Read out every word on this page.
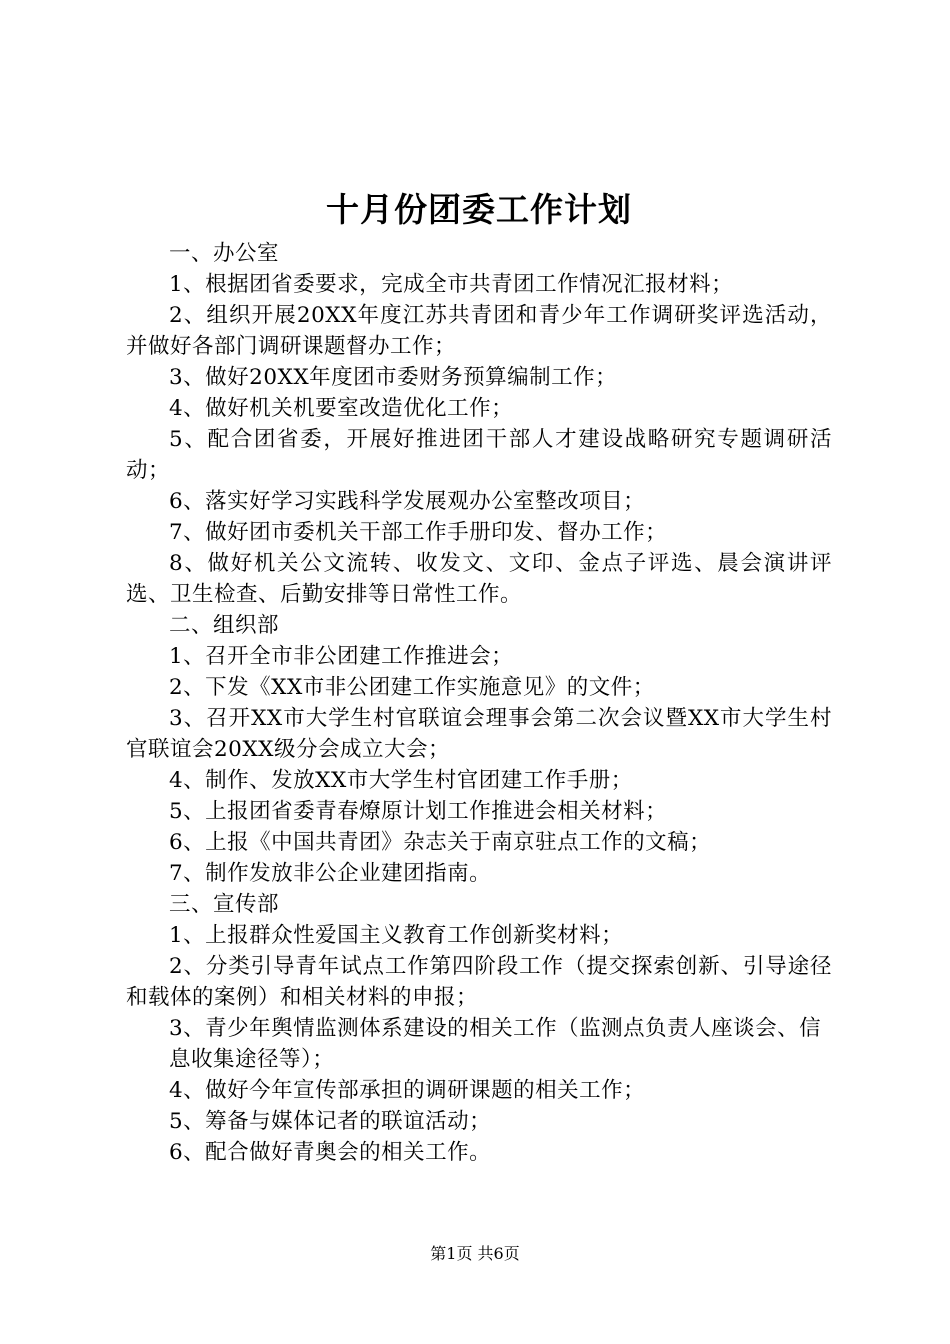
十月份团委工作计划

一、办公室

1、根据团省委要求，完成全市共青团工作情况汇报材料；

2、组织开展20XX年度江苏共青团和青少年工作调研奖评选活动，并做好各部门调研课题督办工作；

3、做好20XX年度团市委财务预算编制工作；

4、做好机关机要室改造优化工作；

5、配合团省委，开展好推进团干部人才建设战略研究专题调研活动；

6、落实好学习实践科学发展观办公室整改项目；

7、做好团市委机关干部工作手册印发、督办工作；

8、做好机关公文流转、收发文、文印、金点子评选、晨会演讲评选、卫生检查、后勤安排等日常性工作。

二、组织部

1、召开全市非公团建工作推进会；

2、下发《XX市非公团建工作实施意见》的文件；

3、召开XX市大学生村官联谊会理事会第二次会议暨XX市大学生村官联谊会20XX级分会成立大会；

4、制作、发放XX市大学生村官团建工作手册；

5、上报团省委青春燎原计划工作推进会相关材料；

6、上报《中国共青团》杂志关于南京驻点工作的文稿；

7、制作发放非公企业建团指南。

三、宣传部

1、上报群众性爱国主义教育工作创新奖材料；

2、分类引导青年试点工作第四阶段工作（提交探索创新、引导途径和载体的案例）和相关材料的申报；

3、青少年舆情监测体系建设的相关工作（监测点负责人座谈会、信

息收集途径等）；

4、做好今年宣传部承担的调研课题的相关工作；

5、筹备与媒体记者的联谊活动；

6、配合做好青奥会的相关工作。

第1页 共6页
